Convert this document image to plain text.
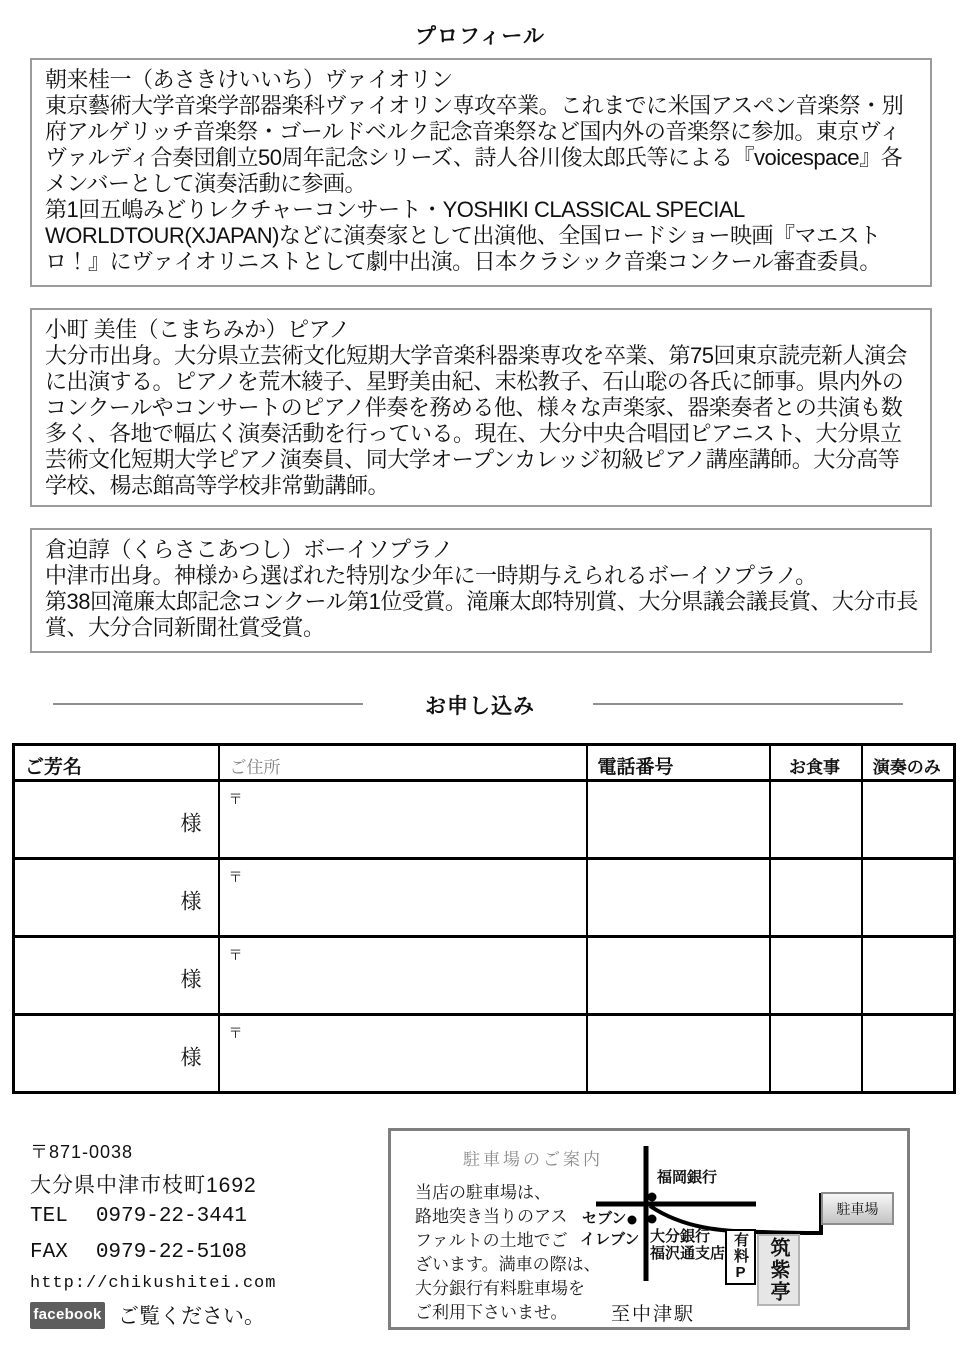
プロフィール

朝来桂一（あさきけいいち）ヴァイオリン

東京藝術大学音楽学部器楽科ヴァイオリン専攻卒業。これまでに米国アスペン音楽祭・別府アルゲリッチ音楽祭・ゴールドベルク記念音楽祭など国内外の音楽祭に参加。東京ヴィヴァルディ合奏団創立50周年記念シリーズ、詩人谷川俊太郎氏等による『voicespace』各メンバーとして演奏活動に参画。

第1回五嶋みどりレクチャーコンサート・YOSHIKI CLASSICAL SPECIAL WORLDTOUR(XJAPAN)などに演奏家として出演他、全国ロードショー映画『マエストロ！』にヴァイオリニストとして劇中出演。日本クラシック音楽コンクール審査委員。

小町 美佳（こまちみか）ピアノ

大分市出身。大分県立芸術文化短期大学音楽科器楽専攻を卒業、第75回東京読売新人演会に出演する。ピアノを荒木綾子、星野美由紀、末松教子、石山聡の各氏に師事。県内外のコンクールやコンサートのピアノ伴奏を務める他、様々な声楽家、器楽奏者との共演も数多く、各地で幅広く演奏活動を行っている。現在、大分中央合唱団ピアニスト、大分県立芸術文化短期大学ピアノ演奏員、同大学オープンカレッジ初級ピアノ講座講師。大分高等学校、楊志館高等学校非常勤講師。

倉迫諄（くらさこあつし）ボーイソプラノ

中津市出身。神様から選ばれた特別な少年に一時期与えられるボーイソプラノ。

第38回滝廉太郎記念コンクール第1位受賞。滝廉太郎特別賞、大分県議会議長賞、大分市長賞、大分合同新聞社賞受賞。

お申し込み
ご芳名	ご住所	電話番号	お食事	演奏のみ

様	〒			

様	〒			

様	〒			

様	〒			

〒871-0038
大分県中津市枝町1692
TEL 0979-22-3441
FAX 0979-22-5108
http://chikushitei.com
facebook ご覧ください。
駐車場のご案内
当店の駐車場は、
路地突き当りのアス
ファルトの土地でご
ざいます。満車の際は、
大分銀行有料駐車場を
ご利用下さいませ。
福岡銀行
セブン
イレブン 大分銀行
福沢通支店 有料P 筑紫亭
駐車場
至中津駅
